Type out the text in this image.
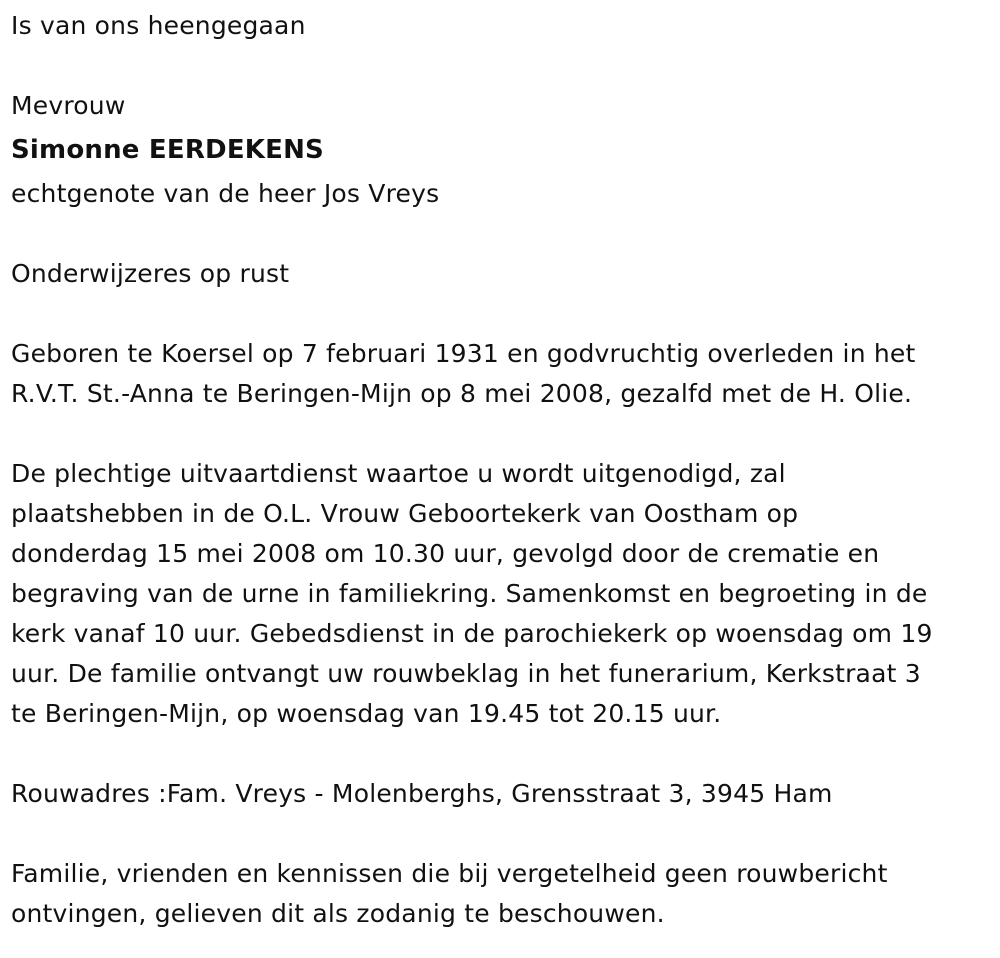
Is van ons heengegaan
Mevrouw
Simonne EERDEKENS
echtgenote van de heer Jos Vreys
Onderwijzeres op rust
Geboren te Koersel op 7 februari 1931 en godvruchtig overleden in het
R.V.T. St.-Anna te Beringen-Mijn op 8 mei 2008, gezalfd met de H. Olie.
De plechtige uitvaartdienst waartoe u wordt uitgenodigd, zal
plaatshebben in de O.L. Vrouw Geboortekerk van Oostham op
donderdag 15 mei 2008 om 10.30 uur, gevolgd door de crematie en
begraving van de urne in familiekring. Samenkomst en begroeting in de
kerk vanaf 10 uur. Gebedsdienst in de parochiekerk op woensdag om 19
uur. De familie ontvangt uw rouwbeklag in het funerarium, Kerkstraat 3
te Beringen-Mijn, op woensdag van 19.45 tot 20.15 uur.
Rouwadres :Fam. Vreys - Molenberghs, Grensstraat 3, 3945 Ham
Familie, vrienden en kennissen die bij vergetelheid geen rouwbericht
ontvingen, gelieven dit als zodanig te beschouwen.
